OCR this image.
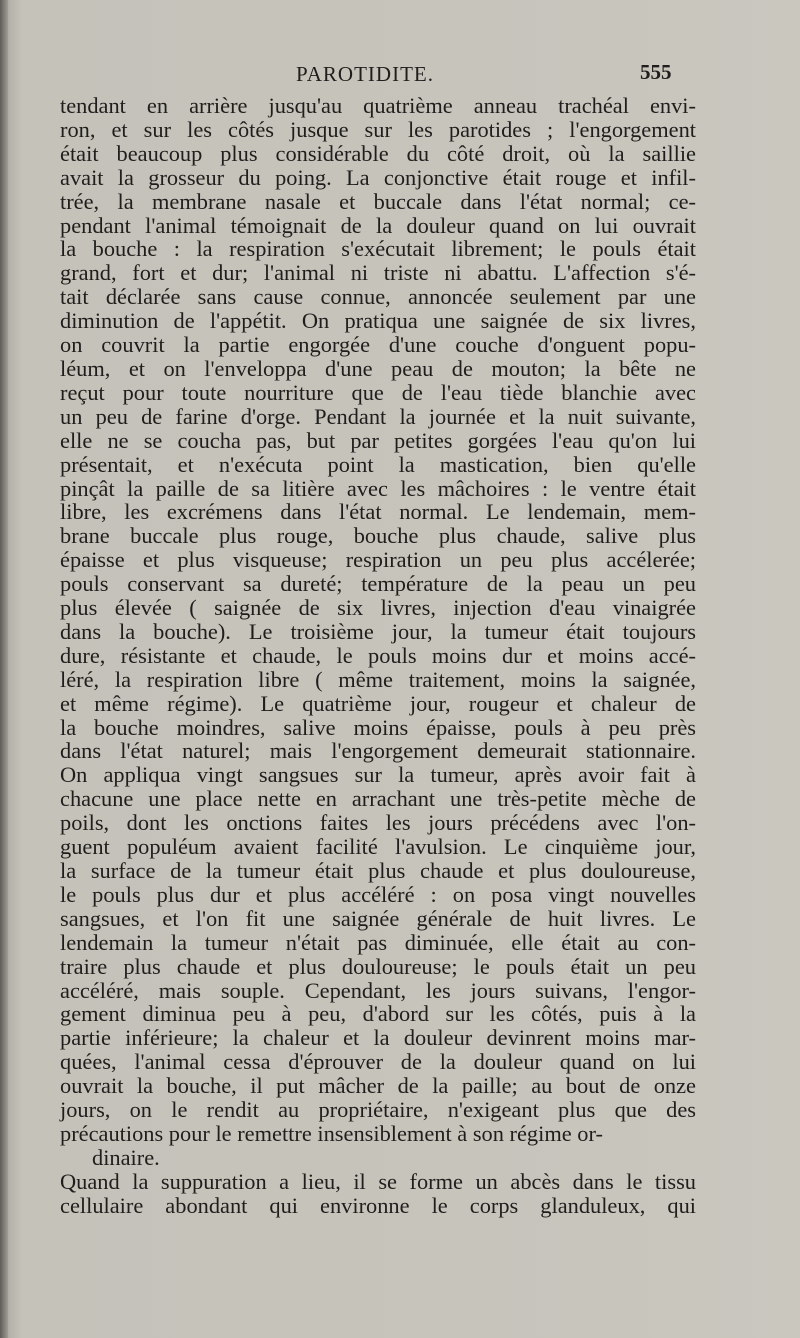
PAROTIDITE.	555
tendant en arrière jusqu'au quatrième anneau trachéal envi-
ron, et sur les côtés jusque sur les parotides ; l'engorgement
était beaucoup plus considérable du côté droit, où la saillie
avait la grosseur du poing. La conjonctive était rouge et infil-
trée, la membrane nasale et buccale dans l'état normal; ce-
pendant l'animal témoignait de la douleur quand on lui ouvrait
la bouche : la respiration s'exécutait librement; le pouls était
grand, fort et dur; l'animal ni triste ni abattu. L'affection s'é-
tait déclarée sans cause connue, annoncée seulement par une
diminution de l'appétit. On pratiqua une saignée de six livres,
on couvrit la partie engorgée d'une couche d'onguent popu-
léum, et on l'enveloppa d'une peau de mouton; la bête ne
reçut pour toute nourriture que de l'eau tiède blanchie avec
un peu de farine d'orge. Pendant la journée et la nuit suivante,
elle ne se coucha pas, but par petites gorgées l'eau qu'on lui
présentait, et n'exécuta point la mastication, bien qu'elle
pinçât la paille de sa litière avec les mâchoires : le ventre était
libre, les excrémens dans l'état normal. Le lendemain, mem-
brane buccale plus rouge, bouche plus chaude, salive plus
épaisse et plus visqueuse; respiration un peu plus accélerée;
pouls conservant sa dureté; température de la peau un peu
plus élevée ( saignée de six livres, injection d'eau vinaigrée
dans la bouche). Le troisième jour, la tumeur était toujours
dure, résistante et chaude, le pouls moins dur et moins accé-
léré, la respiration libre ( même traitement, moins la saignée,
et même régime). Le quatrième jour, rougeur et chaleur de
la bouche moindres, salive moins épaisse, pouls à peu près
dans l'état naturel; mais l'engorgement demeurait stationnaire.
On appliqua vingt sangsues sur la tumeur, après avoir fait à
chacune une place nette en arrachant une très-petite mèche de
poils, dont les onctions faites les jours précédens avec l'on-
guent populéum avaient facilité l'avulsion. Le cinquième jour,
la surface de la tumeur était plus chaude et plus douloureuse,
le pouls plus dur et plus accéléré : on posa vingt nouvelles
sangsues, et l'on fit une saignée générale de huit livres. Le
lendemain la tumeur n'était pas diminuée, elle était au con-
traire plus chaude et plus douloureuse; le pouls était un peu
accéléré, mais souple. Cependant, les jours suivans, l'engor-
gement diminua peu à peu, d'abord sur les côtés, puis à la
partie inférieure; la chaleur et la douleur devinrent moins mar-
quées, l'animal cessa d'éprouver de la douleur quand on lui
ouvrait la bouche, il put mâcher de la paille; au bout de onze
jours, on le rendit au propriétaire, n'exigeant plus que des
précautions pour le remettre insensiblement à son régime or-
dinaire.
Quand la suppuration a lieu, il se forme un abcès dans le tissu
cellulaire abondant qui environne le corps glanduleux, qui
